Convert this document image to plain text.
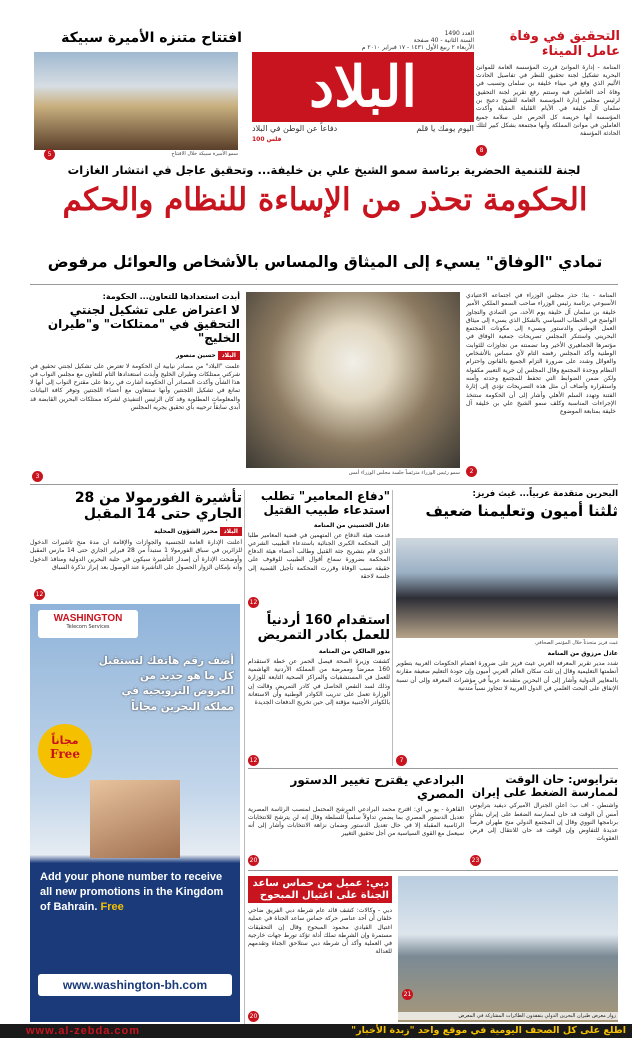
التحقيق في وفاة عامل الميناء
المنامة - إدارة الموانئ قررت المؤسسة العامة للموانئ البحرية تشكيل لجنة تحقيق للنظر في تفاصيل الحادث الأليم الذي وقع في ميناء خليفة بن سلمان وتسبب في وفاة أحد العاملين فيه وستتم رفع تقرير لجنة التحقيق لرئيس مجلس إدارة المؤسسة العامة للشيخ دعيج بن سلمان آل خليفة في الأيام القليلة المقبلة وأكدت المؤسسة أنها حريصة كل الحرص على سلامة جميع العاملين في موانئ المملكة وأنها مجتمعة بشكل كبير لتلك الحادثة المؤسفة
8
العدد 1490
السنة الثانية - 40 صفحة
الأربعاء ٢ ربيع الأول ١٤٣١ - ١٧ فبراير ٢٠١٠ م
البلاد
دفاعاً عن الوطن في البلاد	اليوم يومك يا قلم
100 فلس
افتتاح متنزه الأميرة سبيكة
سمو الأميرة سبيكة خلال الافتتاح
5
لجنة للتنمية الحضرية برئاسة سمو الشيخ علي بن خليفة... وتحقيق عاجل في انتشار الغازات
الحكومة تحذر من الإساءة للنظام والحكم
تمادي "الوفاق" يسيء إلى الميثاق والمساس بالأشخاص والعوائل مرفوض
المنامة - بنا: حذر مجلس الوزراء في اجتماعه الاعتيادي الأسبوعي برئاسة رئيس الوزراء صاحب السمو الملكي الأمير خليفة بن سلمان آل خليفة يوم الأحد، من التمادي والتجاوز الواضح في الخطاب السياسي بالشكل الذي يسيء إلى ميثاق العمل الوطني والدستور ويسيء إلى مكونات المجتمع البحريني واستنكر المجلس تصريحات جمعية الوفاق في مؤتمرها الجماهيري الأخير وما تضمنته من تجاوزات للثوابت الوطنية وأكد المجلس رفضه التام لأي مساس بالأشخاص والعوائل وشدد على ضرورة التزام الجميع بالقانون واحترام النظام ووحدة المجتمع وقال المجلس إن حرية التعبير مكفولة ولكن ضمن الضوابط التي تحفظ للمجتمع وحدته وأمنه واستقراره وأضاف أن مثل هذه التصريحات تؤدي إلى إثارة الفتنة وتهدد السلم الأهلي وأشار إلى أن الحكومة ستتخذ الإجراءات المناسبة وكلف سمو الشيخ علي بن خليفة آل خليفة بمتابعة الموضوع
2
سمو رئيس الوزراء مترئساً جلسة مجلس الوزراء أمس
أبدت استعدادها للتعاون... الحكومة:
لا اعتراض على تشكيل لجنتي التحقيق في "ممتلكات" و"طيران الخليج"
البلاد حسين منصور
علمت "البلاد" من مصادر نيابية أن الحكومة لا تعترض على تشكيل لجنتي تحقيق في شركتي ممتلكات وطيران الخليج وأبدت استعدادها التام للتعاون مع مجلس النواب في هذا الشأن وأكدت المصادر أن الحكومة أشارت في ردها على مقترح النواب إلى أنها لا تمانع في تشكيل اللجنتين وأنها ستتعاون مع أعضاء اللجنتين وتوفر كافة البيانات والمعلومات المطلوبة وقد كان الرئيس التنفيذي لشركة ممتلكات البحرين القابضة قد أبدى سابقاً ترحيبه بأي تحقيق يجريه المجلس
3
البحرين متقدمة عربياً... غيث فريز:
ثلثنا أميون وتعليمنا ضعيف
غيث فريز متحدثاً خلال المؤتمر الصحافي
عادل مرزوق من المنامة
شدد مدير تقرير المعرفة العربي غيث فريز على ضرورة اهتمام الحكومات العربية بتطوير أنظمتها التعليمية وقال إن ثلث سكان العالم العربي أميون وإن جودة التعليم ضعيفة مقارنة بالمعايير الدولية وأشار إلى أن البحرين متقدمة عربياً في مؤشرات المعرفة وإلى أن نسبة الإنفاق على البحث العلمي في الدول العربية لا تتجاوز نسباً متدنية
7
"دفاع المعامير" تطلب
استدعاء طبيب القتيل
عادل الحسيني من المنامة
قدمت هيئة الدفاع عن المتهمين في قضية المعامير طلباً إلى المحكمة الكبرى الجنائية باستدعاء الطبيب الشرعي الذي قام بتشريح جثة القتيل وطالب أعضاء هيئة الدفاع المحكمة بضرورة سماع أقوال الطبيب للوقوف على حقيقة سبب الوفاة وقررت المحكمة تأجيل القضية إلى جلسة لاحقة
12
تأشيرة الفورمولا من 28 الجاري حتى 14 المقبل
البلاد محرر الشؤون المحلية
أعلنت الإدارة العامة للجنسية والجوازات والإقامة أن مدة منح تأشيرات الدخول للزائرين في سباق الفورمولا 1 ستبدأ من 28 فبراير الجاري حتى 14 مارس المقبل وأوضحت الإدارة أن إصدار التأشيرة سيكون في حلبة البحرين الدولية ومنافذ الدخول وأنه بإمكان الزوار الحصول على التأشيرة عند الوصول بعد إبراز تذكرة السباق
12
استقدام 160 أردنياً للعمل بكادر التمريض
بدور المالكي من المنامة
كشفت وزيرة الصحة فيصل الحمر عن خطة لاستقدام 160 ممرضاً وممرضة من المملكة الأردنية الهاشمية للعمل في المستشفيات والمراكز الصحية التابعة للوزارة وذلك لسد النقص الحاصل في كادر التمريض وقالت إن الوزارة تعمل على تدريب الكوادر الوطنية وأن الاستعانة بالكوادر الأجنبية مؤقتة إلى حين تخريج الدفعات الجديدة
12
WASHINGTON
Telecom Services
أضف رقم هاتفك لتستقبل كل ما هو جديد من العروض الترويجية في مملكة البحرين مجاناً
مجاناً
Free
Add your phone number to receive all new promotions in the Kingdom of Bahrain. Free
www.washington-bh.com
بترايوس: حان الوقت
لممارسة الضغط على إيران
واشنطن - أف ب: أعلن الجنرال الأميركي ديفيد بترايوس أمس أن الوقت قد حان لممارسة الضغط على إيران بشأن برنامجها النووي وقال إن المجتمع الدولي منح طهران فرصاً عديدة للتفاوض وإن الوقت قد حان للانتقال إلى فرض العقوبات
23
البرادعي يقترح تغيير الدستور المصري
القاهرة - يو بي آي: اقترح محمد البرادعي المرشح المحتمل لمنصب الرئاسة المصرية تعديل الدستور المصري بما يضمن تداولاً سلمياً للسلطة وقال إنه لن يترشح للانتخابات الرئاسية المقبلة إلا في حال تعديل الدستور وضمان نزاهة الانتخابات وأشار إلى أنه سيعمل مع القوى السياسية من أجل تحقيق التغيير
20
21
زوار معرض طيران البحرين الدولي يتفقدون الطائرات المشاركة في المعرض
دبي: عميل من حماس ساعد
الجناة على اغتيال المبحوح
دبي - وكالات: كشف قائد عام شرطة دبي الفريق ضاحي خلفان أن أحد عناصر حركة حماس ساعد الجناة في عملية اغتيال القيادي محمود المبحوح وقال إن التحقيقات مستمرة وإن الشرطة تملك أدلة تؤكد تورط جهات خارجية في العملية وأكد أن شرطة دبي ستلاحق الجناة وتقدمهم للعدالة
20
www.al-zebda.com	اطلع على كل الصحف اليومية في موقع واحد "زبدة الأخبار"
